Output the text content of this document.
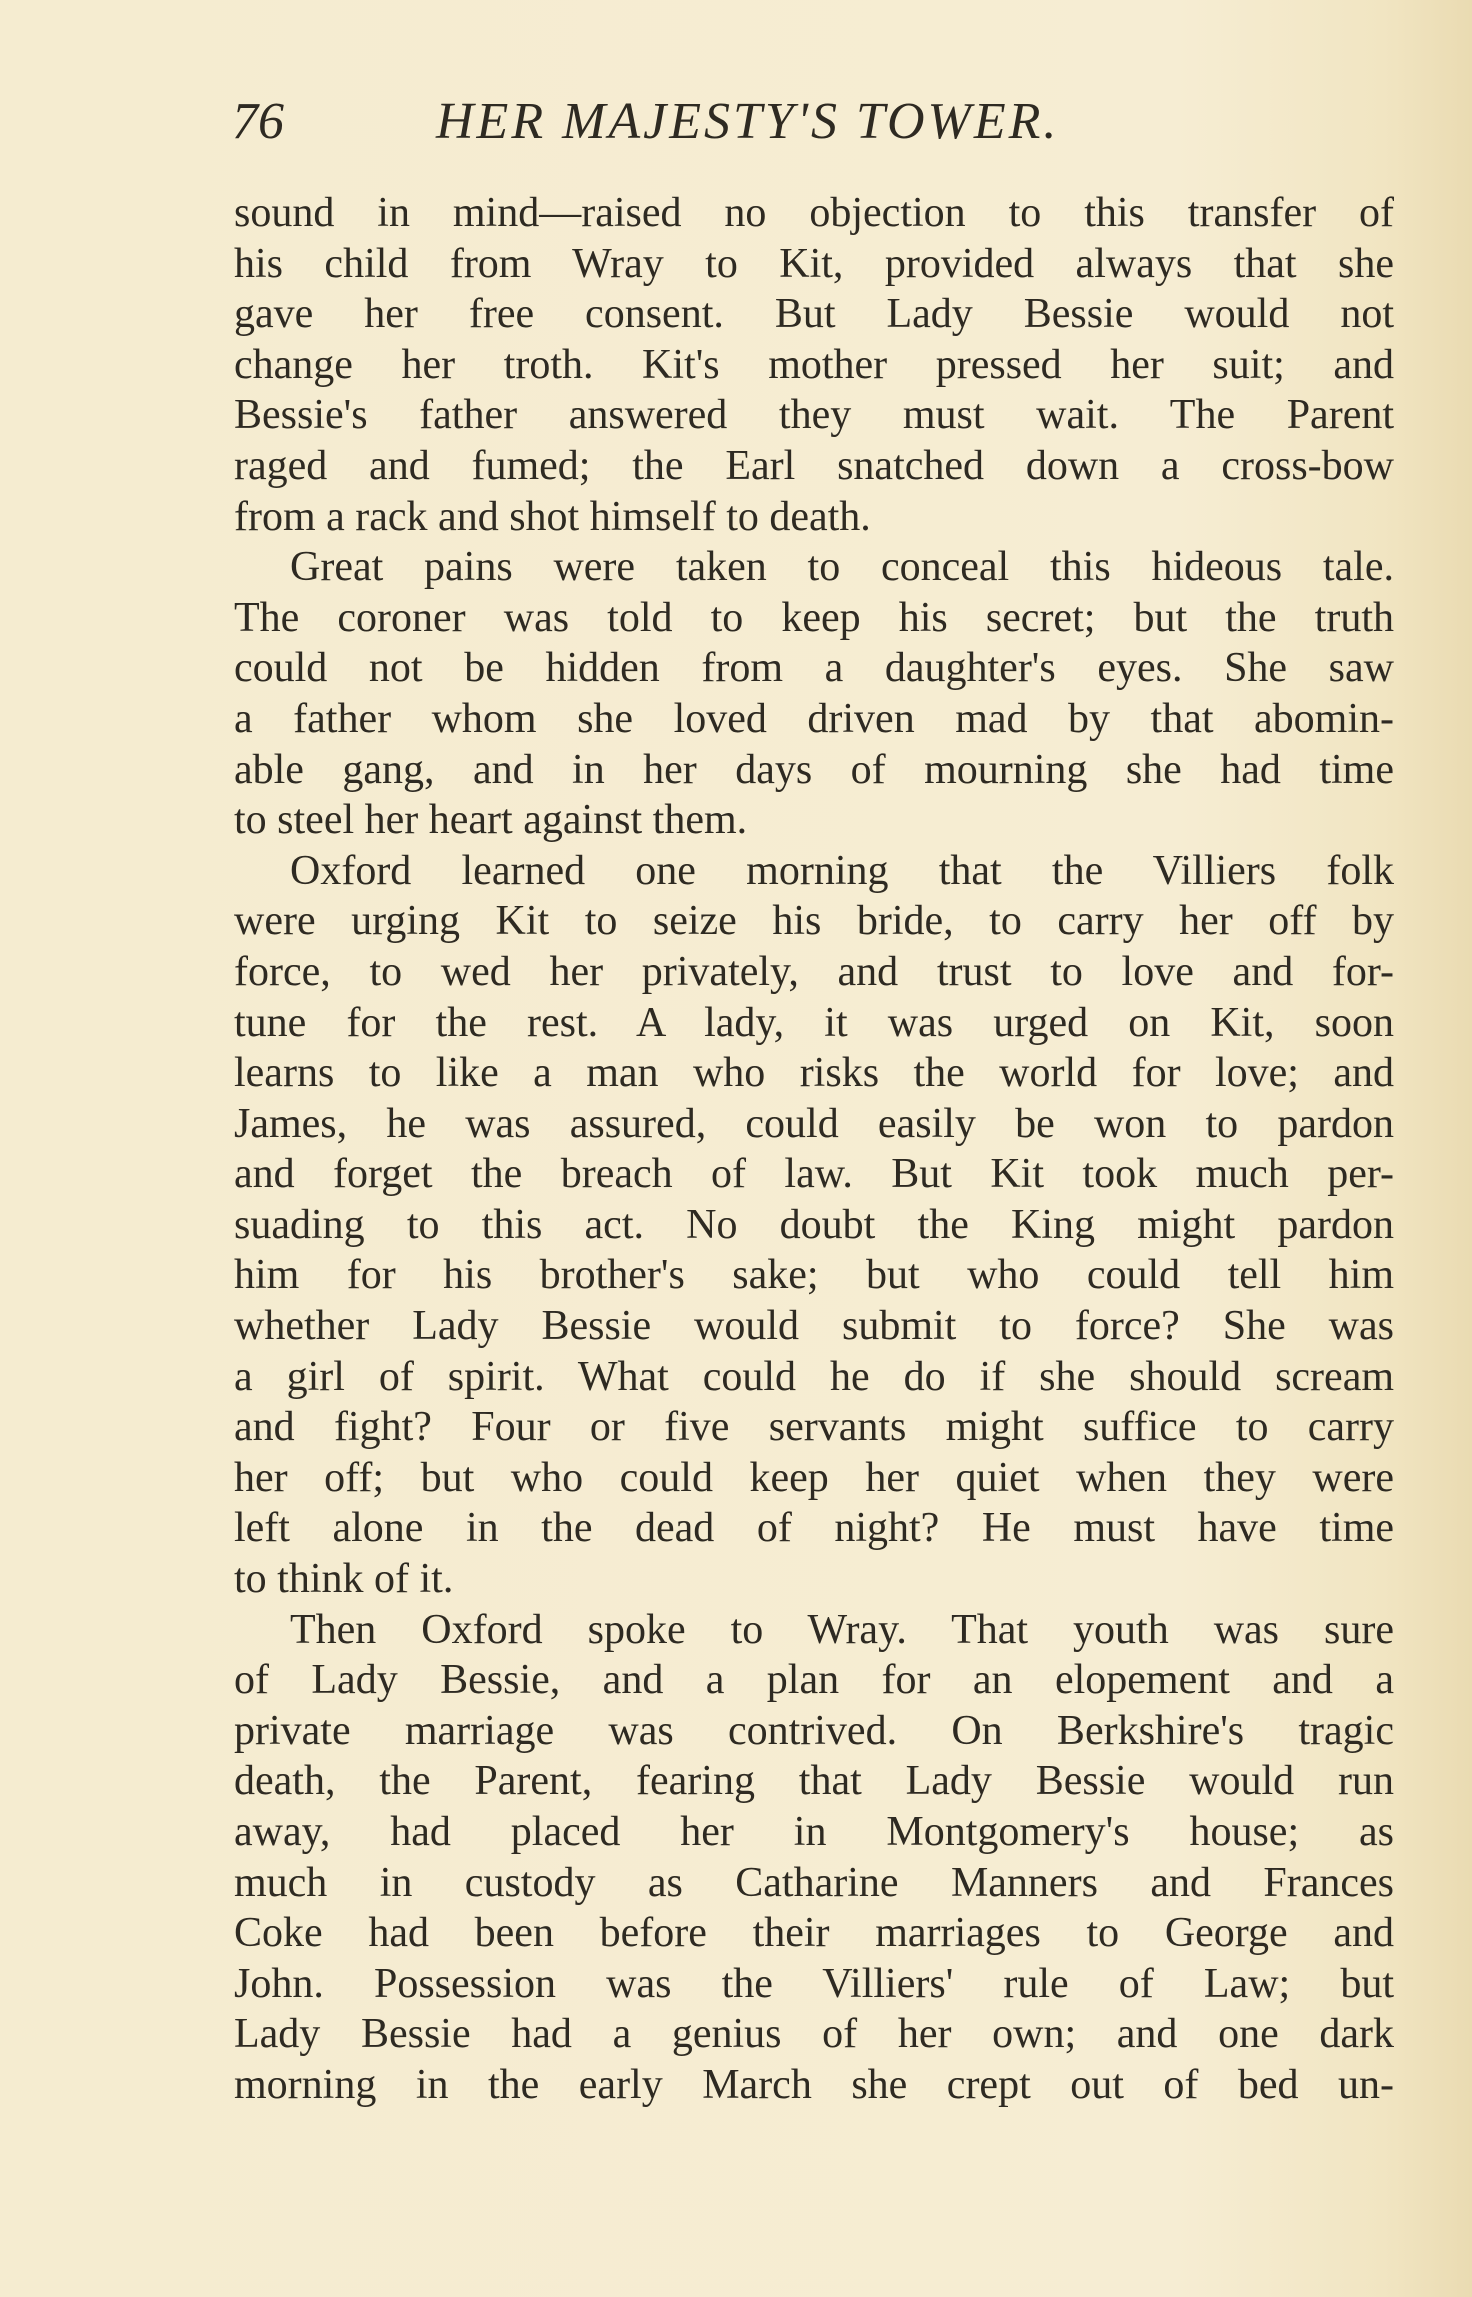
76	HER MAJESTY'S TOWER.
sound in mind—raised no objection to this transfer of
his child from Wray to Kit, provided always that she
gave her free consent. But Lady Bessie would not
change her troth. Kit's mother pressed her suit; and
Bessie's father answered they must wait. The Parent
raged and fumed; the Earl snatched down a cross-bow
from a rack and shot himself to death.
Great pains were taken to conceal this hideous tale.
The coroner was told to keep his secret; but the truth
could not be hidden from a daughter's eyes. She saw
a father whom she loved driven mad by that abomin-
able gang, and in her days of mourning she had time
to steel her heart against them.
Oxford learned one morning that the Villiers folk
were urging Kit to seize his bride, to carry her off by
force, to wed her privately, and trust to love and for-
tune for the rest. A lady, it was urged on Kit, soon
learns to like a man who risks the world for love; and
James, he was assured, could easily be won to pardon
and forget the breach of law. But Kit took much per-
suading to this act. No doubt the King might pardon
him for his brother's sake; but who could tell him
whether Lady Bessie would submit to force? She was
a girl of spirit. What could he do if she should scream
and fight? Four or five servants might suffice to carry
her off; but who could keep her quiet when they were
left alone in the dead of night? He must have time
to think of it.
Then Oxford spoke to Wray. That youth was sure
of Lady Bessie, and a plan for an elopement and a
private marriage was contrived. On Berkshire's tragic
death, the Parent, fearing that Lady Bessie would run
away, had placed her in Montgomery's house; as
much in custody as Catharine Manners and Frances
Coke had been before their marriages to George and
John. Possession was the Villiers' rule of Law; but
Lady Bessie had a genius of her own; and one dark
morning in the early March she crept out of bed un-
